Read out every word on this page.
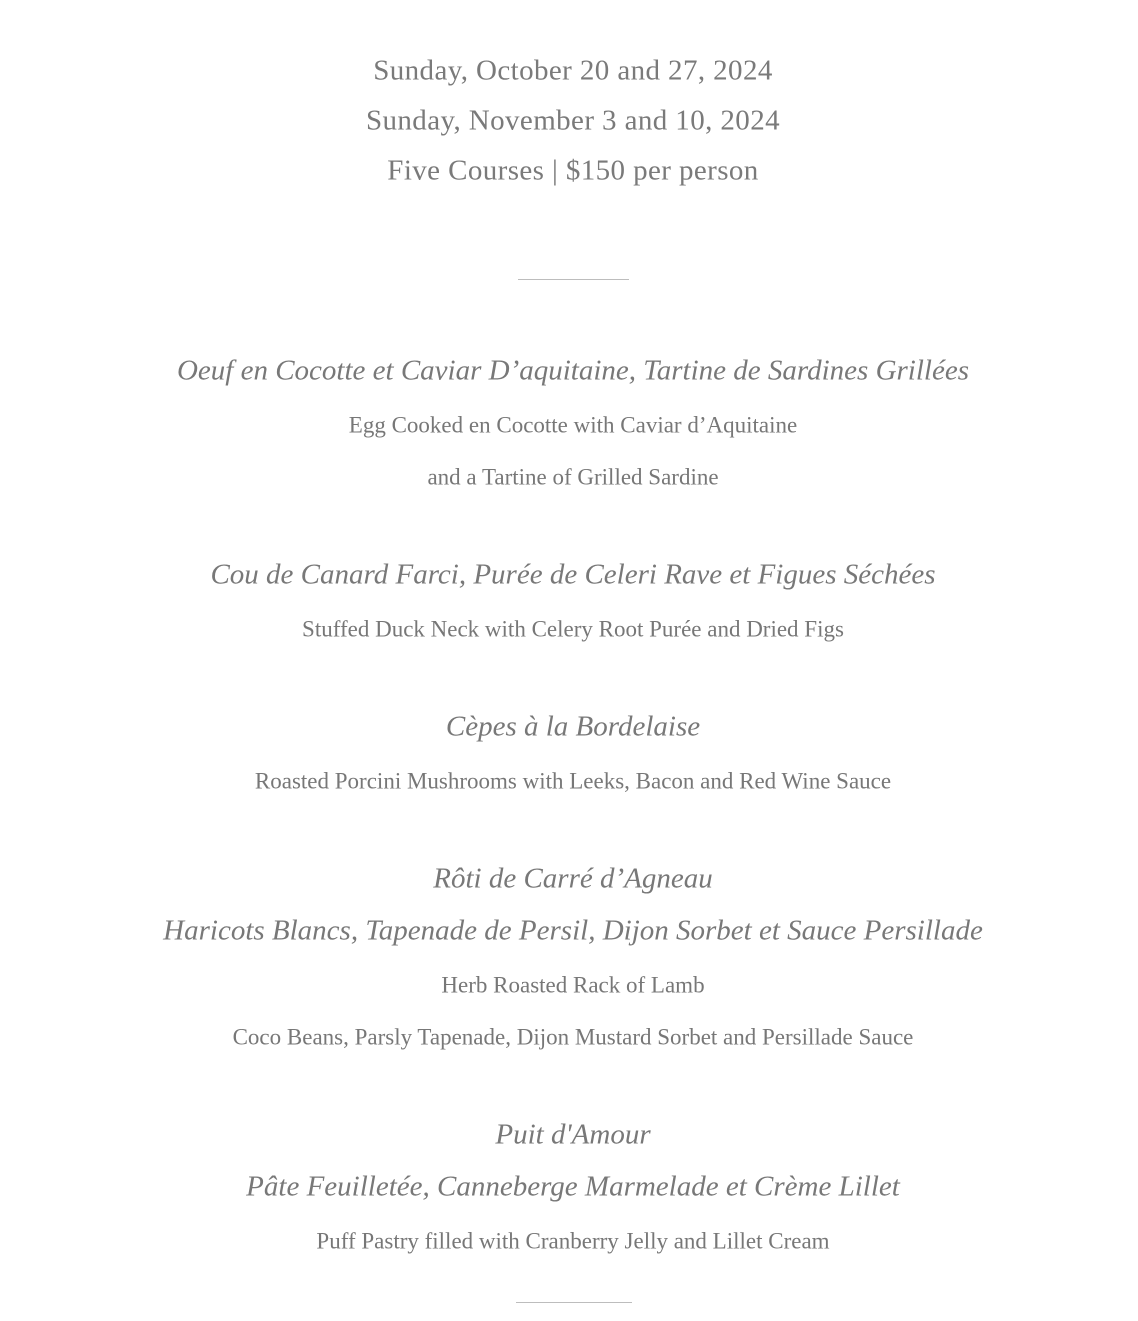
Sunday, October 20 and 27, 2024
Sunday, November 3 and 10, 2024
Five Courses | $150 per person
Oeuf en Cocotte et Caviar D’aquitaine, Tartine de Sardines Grillées
Egg Cooked en Cocotte with Caviar d’Aquitaine
and a Tartine of Grilled Sardine
Cou de Canard Farci, Purée de Celeri Rave et Figues Séchées
Stuffed Duck Neck with Celery Root Purée and Dried Figs
Cèpes à la Bordelaise
Roasted Porcini Mushrooms with Leeks, Bacon and Red Wine Sauce
Rôti de Carré d’Agneau
Haricots Blancs, Tapenade de Persil, Dijon Sorbet et Sauce Persillade
Herb Roasted Rack of Lamb
Coco Beans, Parsly Tapenade, Dijon Mustard Sorbet and Persillade Sauce
Puit d'Amour
Pâte Feuilletée, Canneberge Marmelade et Crème Lillet
Puff Pastry filled with Cranberry Jelly and Lillet Cream
